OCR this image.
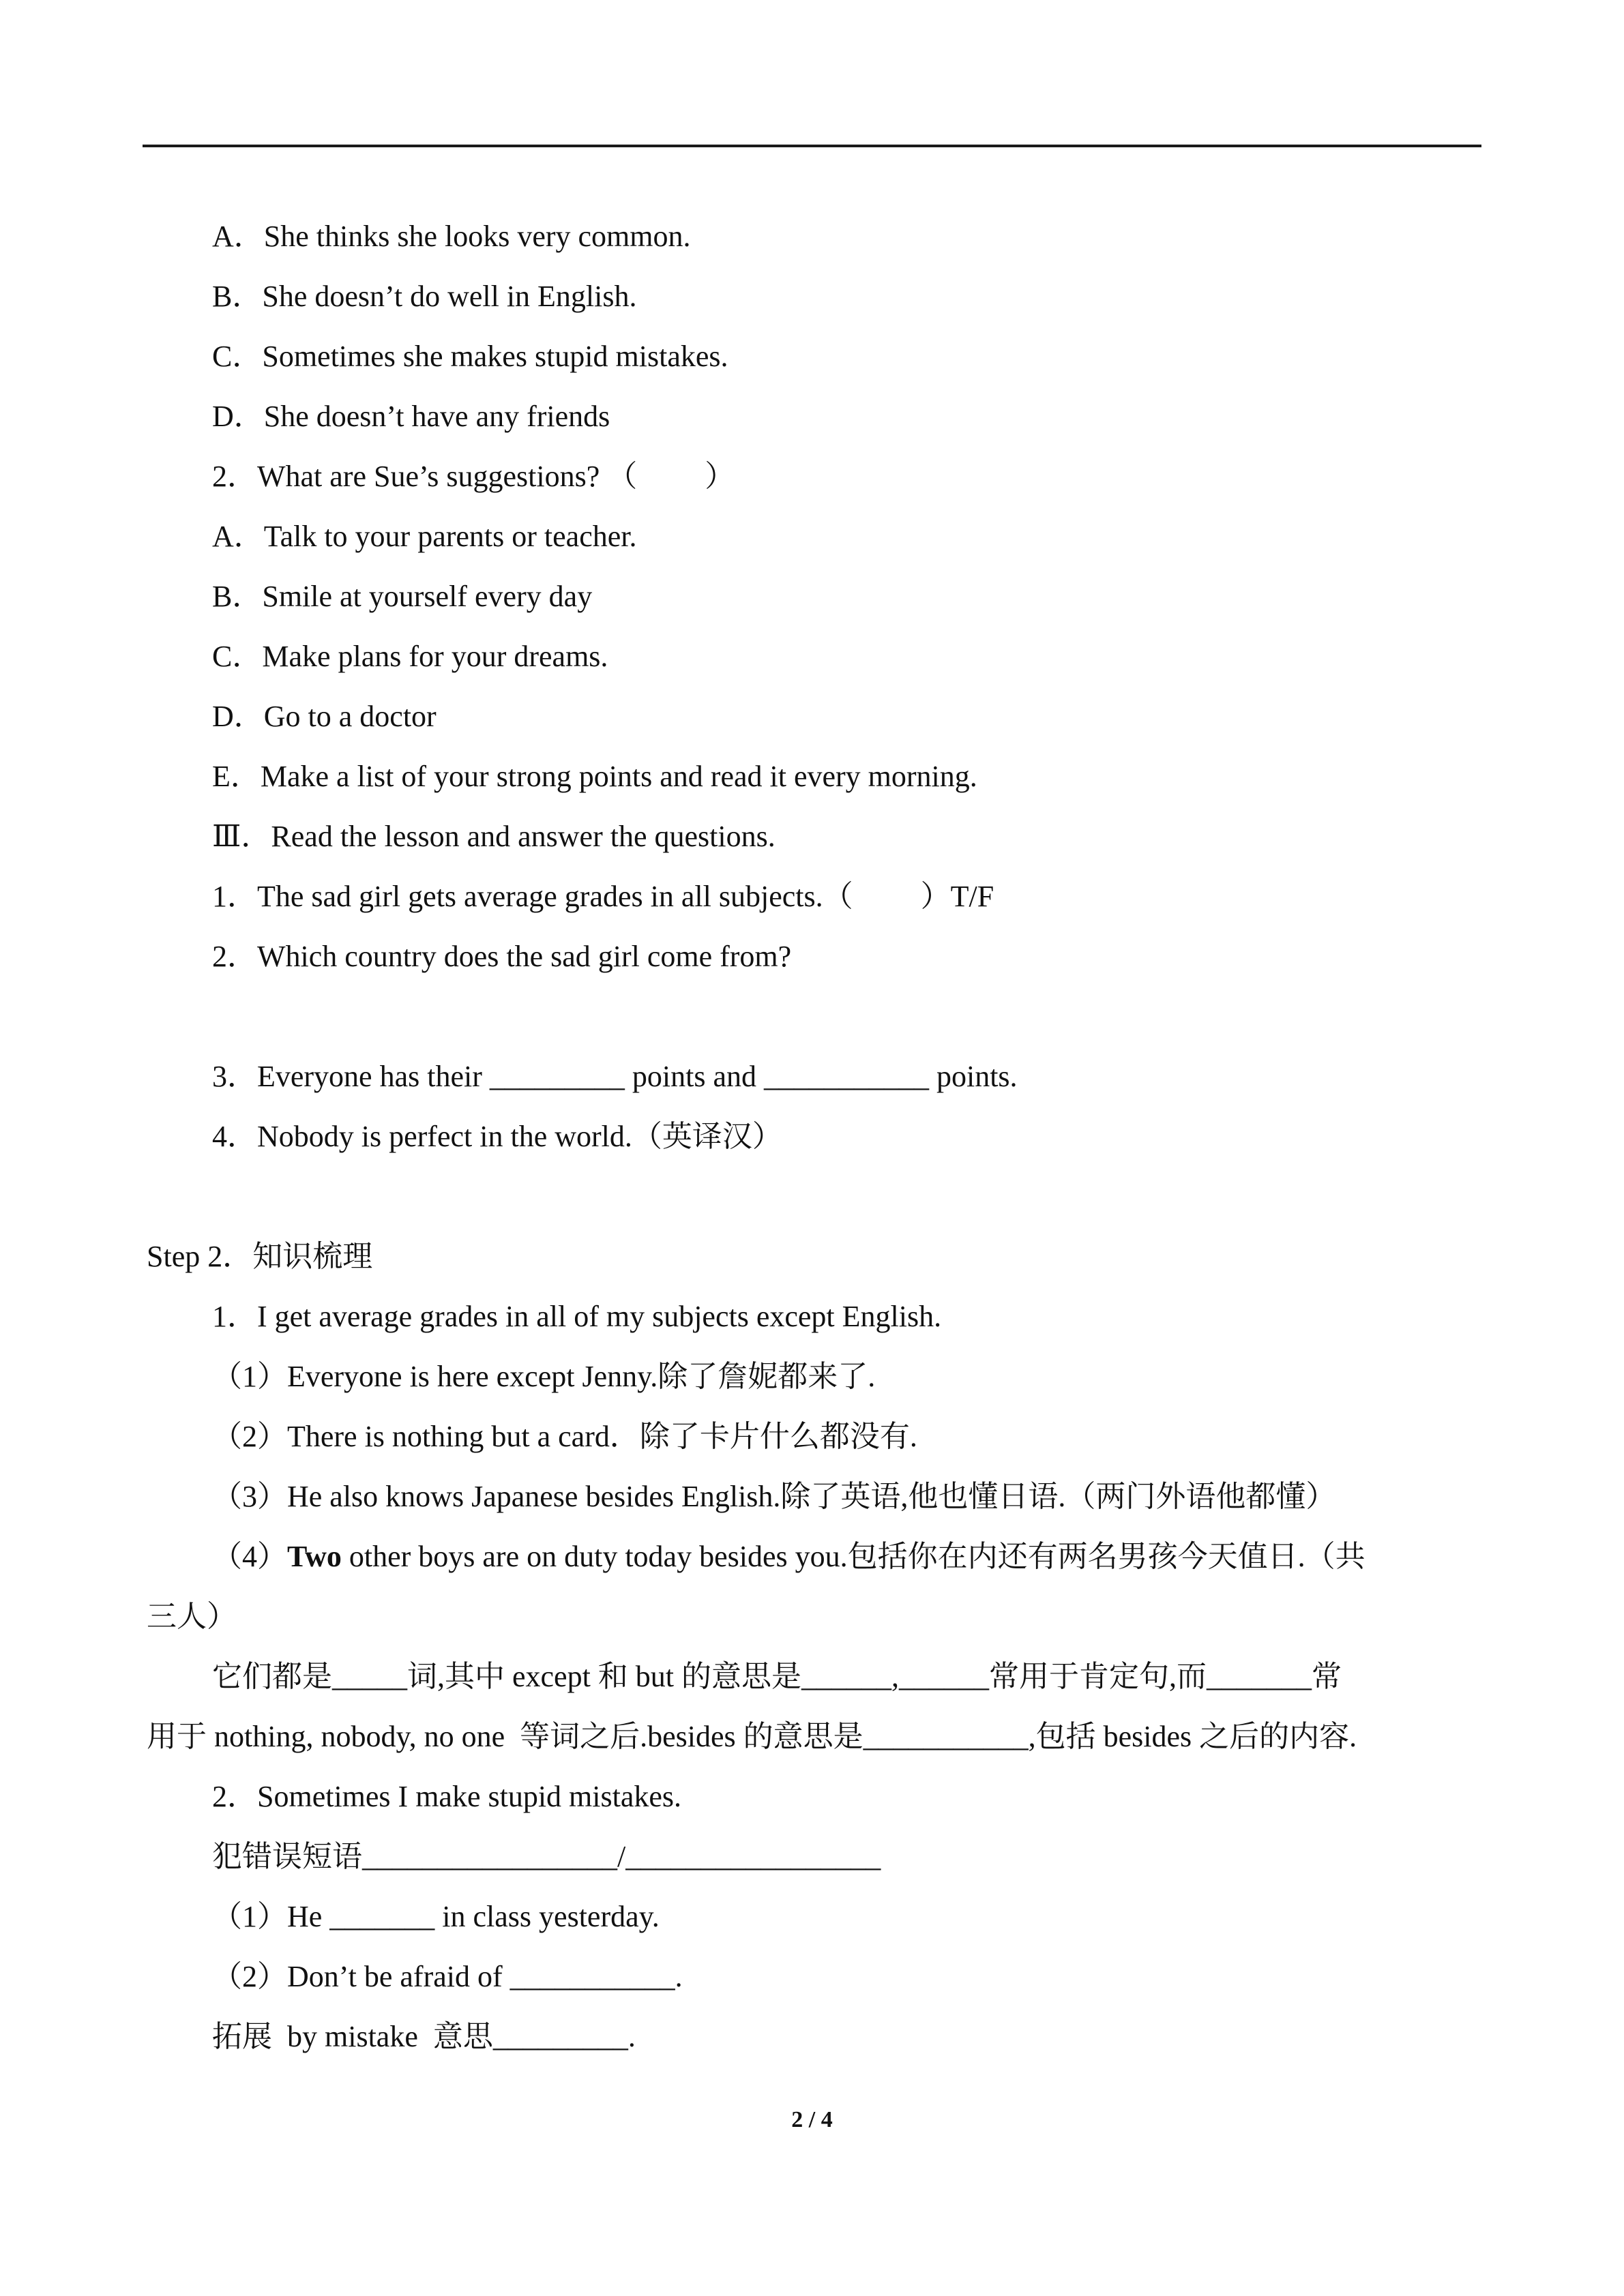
A．She thinks she looks very common.
B．She doesn’t do well in English.
C．Sometimes she makes stupid mistakes.
D．She doesn’t have any friends
2．What are Sue’s suggestions? （　　 ）
A．Talk to your parents or teacher.
B．Smile at yourself every day
C．Make plans for your dreams.
D．Go to a doctor
E．Make a list of your strong points and read it every morning.
Ⅲ．Read the lesson and answer the questions.
1．The sad girl gets average grades in all subjects.（　　 ）T/F
2．Which country does the sad girl come from?
3．Everyone has their _________ points and ___________ points.
4．Nobody is perfect in the world.（英译汉）
Step 2．知识梳理
1．I get average grades in all of my subjects except English.
（1）Everyone is here except Jenny.除了詹妮都来了.
（2）There is nothing but a card．除了卡片什么都没有.
（3）He also knows Japanese besides English.除了英语,他也懂日语.（两门外语他都懂）
（4）Two other boys are on duty today besides you.包括你在内还有两名男孩今天值日.（共
三人）
它们都是_____词,其中 except 和 but 的意思是______,______常用于肯定句,而_______常
用于 nothing, nobody, no one  等词之后.besides 的意思是___________,包括 besides 之后的内容.
2．Sometimes I make stupid mistakes.
犯错误短语_________________/_________________
（1）He _______ in class yesterday.
（2）Don’t be afraid of ___________.
拓展  by mistake  意思_________.
2 / 4
